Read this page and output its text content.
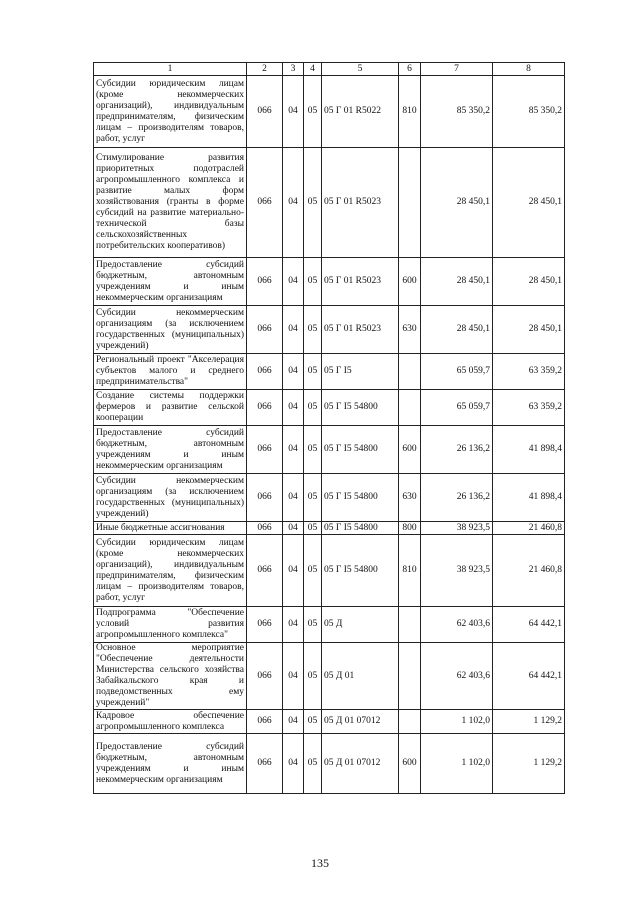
1	2	3	4	5	6	7	8
Субсидии юридическим лицам (кроме некоммерческих организаций), индивидуальным предпринимателям, физическим лицам – производителям товаров, работ, услуг	066	04	05	05 Г 01 R5022	810	85 350,2	85 350,2
Стимулирование развития приоритетных подотраслей агропромышленного комплекса и развитие малых форм хозяйствования (гранты в форме субсидий на развитие материально-технической базы сельскохозяйственных потребительских кооперативов)	066	04	05	05 Г 01 R5023		28 450,1	28 450,1
Предоставление субсидий бюджетным, автономным учреждениям и иным некоммерческим организациям	066	04	05	05 Г 01 R5023	600	28 450,1	28 450,1
Субсидии некоммерческим организациям (за исключением государственных (муниципальных) учреждений)	066	04	05	05 Г 01 R5023	630	28 450,1	28 450,1
Региональный проект "Акселерация субъектов малого и среднего предпринимательства"	066	04	05	05 Г I5		65 059,7	63 359,2
Создание системы поддержки фермеров и развитие сельской кооперации	066	04	05	05 Г I5 54800		65 059,7	63 359,2
Предоставление субсидий бюджетным, автономным учреждениям и иным некоммерческим организациям	066	04	05	05 Г I5 54800	600	26 136,2	41 898,4
Субсидии некоммерческим организациям (за исключением государственных (муниципальных) учреждений)	066	04	05	05 Г I5 54800	630	26 136,2	41 898,4
Иные бюджетные ассигнования	066	04	05	05 Г I5 54800	800	38 923,5	21 460,8
Субсидии юридическим лицам (кроме некоммерческих организаций), индивидуальным предпринимателям, физическим лицам – производителям товаров, работ, услуг	066	04	05	05 Г I5 54800	810	38 923,5	21 460,8
Подпрограмма "Обеспечение условий развития агропромышленного комплекса"	066	04	05	05 Д		62 403,6	64 442,1
Основное мероприятие "Обеспечение деятельности Министерства сельского хозяйства Забайкальского края и подведомственных ему учреждений"	066	04	05	05 Д 01		62 403,6	64 442,1
Кадровое обеспечение агропромышленного комплекса	066	04	05	05 Д 01 07012		1 102,0	1 129,2
Предоставление субсидий бюджетным, автономным учреждениям и иным некоммерческим организациям	066	04	05	05 Д 01 07012	600	1 102,0	1 129,2
135
